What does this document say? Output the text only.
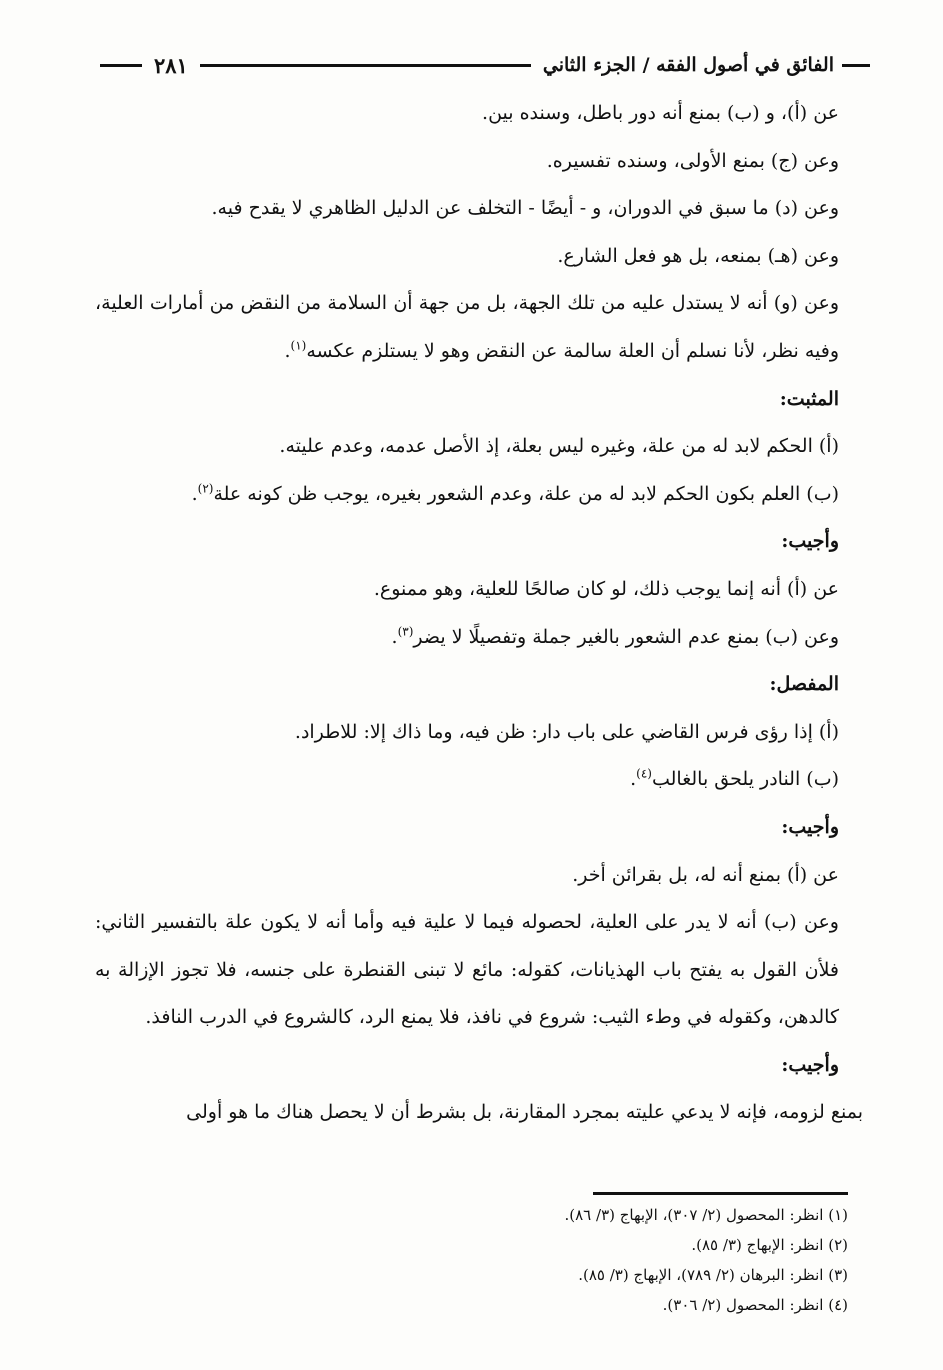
الفائق في أصول الفقه / الجزء الثاني
٢٨١

عن (أ)، و (ب) بمنع أنه دور باطل، وسنده بين.

وعن (ج) بمنع الأولى، وسنده تفسيره.

وعن (د) ما سبق في الدوران، و - أيضًا - التخلف عن الدليل الظاهري لا يقدح فيه.

وعن (هـ) بمنعه، بل هو فعل الشارع.

وعن (و) أنه لا يستدل عليه من تلك الجهة، بل من جهة أن السلامة من النقض من أمارات العلية، وفيه نظر، لأنا نسلم أن العلة سالمة عن النقض وهو لا يستلزم عكسه$^{(١)}$.

المثبت:

(أ) الحكم لابد له من علة، وغيره ليس بعلة، إذ الأصل عدمه، وعدم عليته.

(ب) العلم بكون الحكم لابد له من علة، وعدم الشعور بغيره، يوجب ظن كونه علة$^{(٢)}$.

وأجيب:

عن (أ) أنه إنما يوجب ذلك، لو كان صالحًا للعلية، وهو ممنوع.

وعن (ب) بمنع عدم الشعور بالغير جملة وتفصيلًا لا يضر$^{(٣)}$.

المفصل:

(أ) إذا رؤى فرس القاضي على باب دار: ظن فيه، وما ذاك إلا: للاطراد.

(ب) النادر يلحق بالغالب$^{(٤)}$.

وأجيب:

عن (أ) بمنع أنه له، بل بقرائن أخر.

وعن (ب) أنه لا يدر على العلية، لحصوله فيما لا علية فيه وأما أنه لا يكون علة بالتفسير الثاني: فلأن القول به يفتح باب الهذيانات، كقوله: مائع لا تبنى القنطرة على جنسه، فلا تجوز الإزالة به كالدهن، وكقوله في وطء الثيب: شروع في نافذ، فلا يمنع الرد، كالشروع في الدرب النافذ.

وأجيب:

بمنع لزومه، فإنه لا يدعي عليته بمجرد المقارنة، بل بشرط أن لا يحصل هناك ما هو أولى

(١) انظر: المحصول (٢/ ٣٠٧)، الإبهاج (٣/ ٨٦).

(٢) انظر: الإبهاج (٣/ ٨٥).

(٣) انظر: البرهان (٢/ ٧٨٩)، الإبهاج (٣/ ٨٥).

(٤) انظر: المحصول (٢/ ٣٠٦).
